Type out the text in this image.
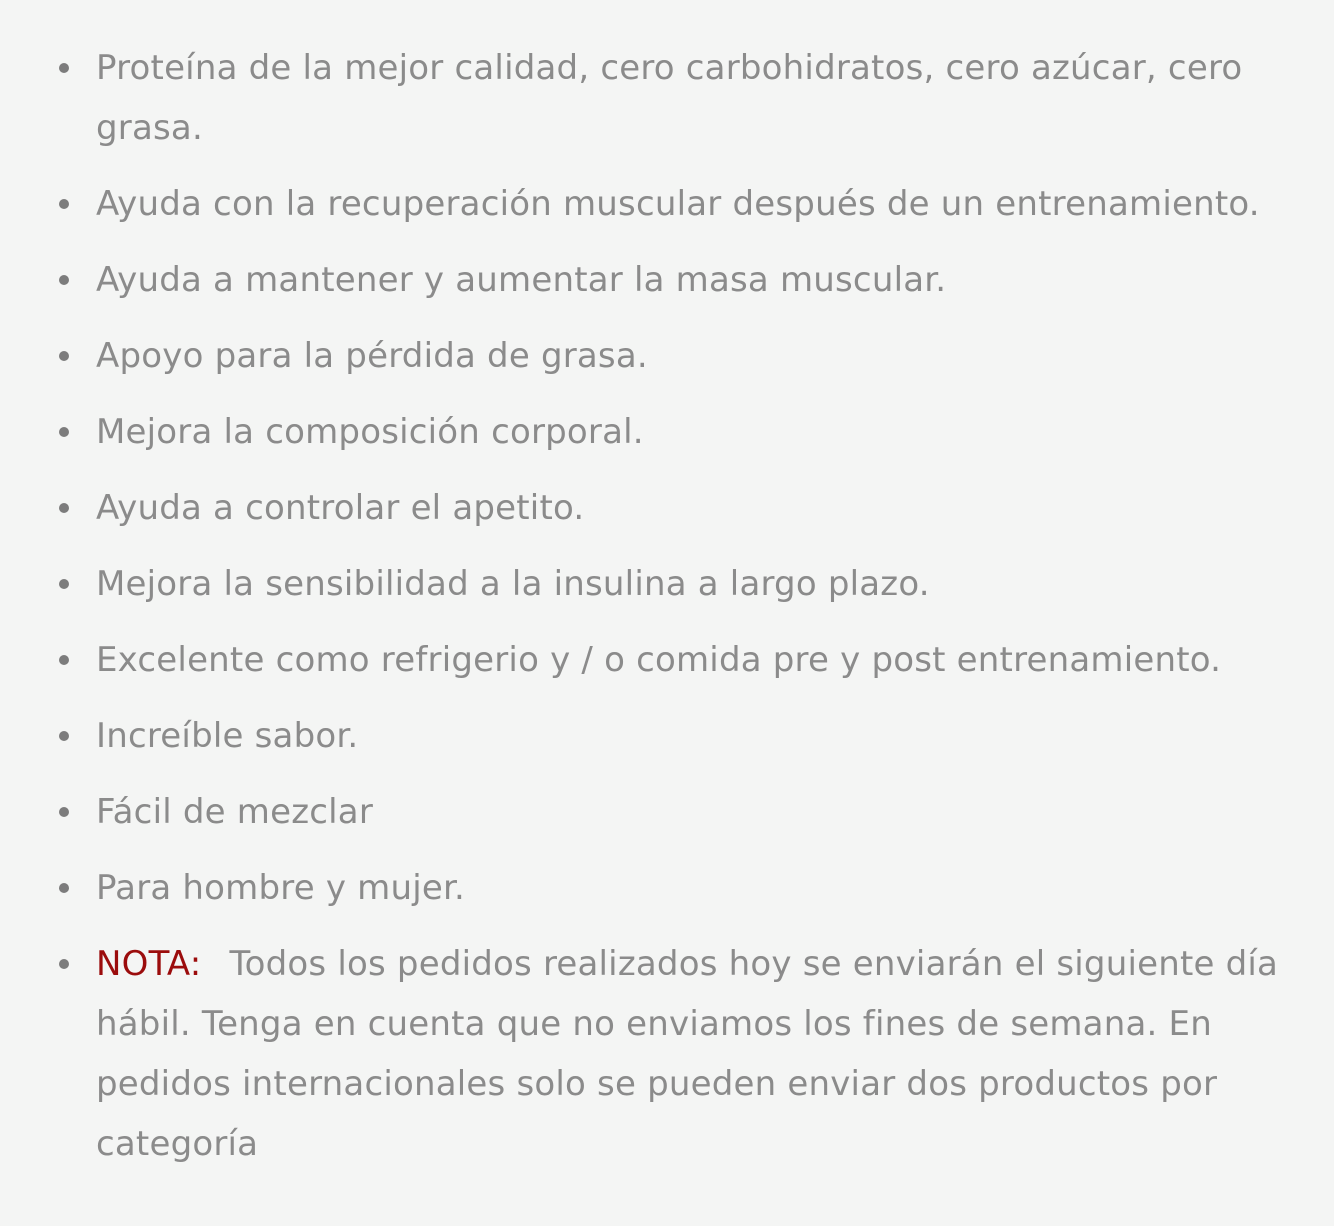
Proteína de la mejor calidad, cero carbohidratos, cero azúcar, cero grasa.
Ayuda con la recuperación muscular después de un entrenamiento.
Ayuda a mantener y aumentar la masa muscular.
Apoyo para la pérdida de grasa.
Mejora la composición corporal.
Ayuda a controlar el apetito.
Mejora la sensibilidad a la insulina a largo plazo.
Excelente como refrigerio y / o comida pre y post entrenamiento.
Increíble sabor.
Fácil de mezclar
Para hombre y mujer.
NOTA: Todos los pedidos realizados hoy se enviarán el siguiente día hábil. Tenga en cuenta que no enviamos los fines de semana. En pedidos internacionales solo se pueden enviar dos productos por categoría
